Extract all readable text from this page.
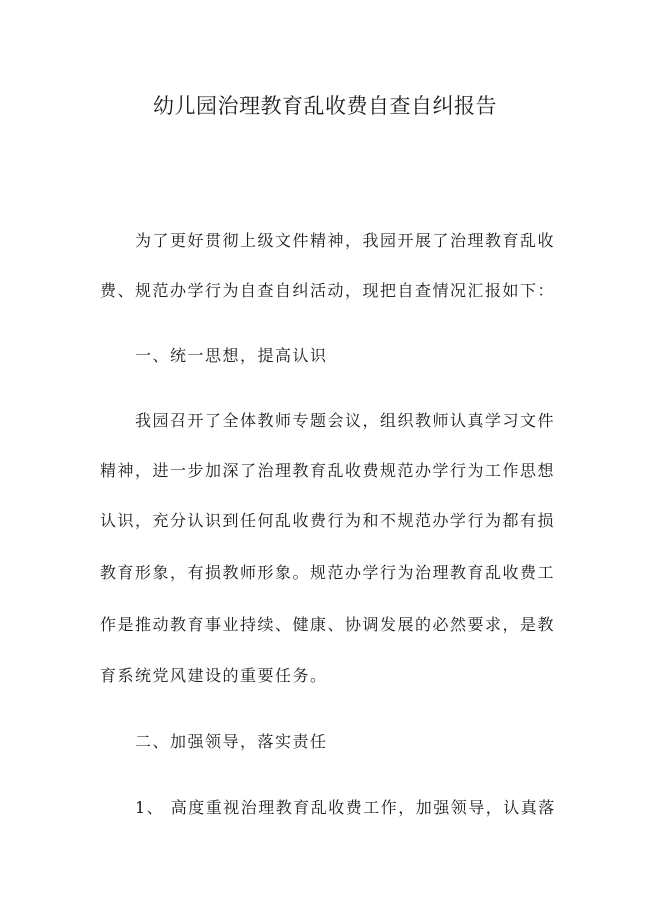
幼儿园治理教育乱收费自查自纠报告
为了更好贯彻上级文件精神，我园开展了治理教育乱收
费、规范办学行为自查自纠活动，现把自查情况汇报如下：
一、统一思想，提高认识
我园召开了全体教师专题会议，组织教师认真学习文件
精神，进一步加深了治理教育乱收费规范办学行为工作思想
认识，充分认识到任何乱收费行为和不规范办学行为都有损
教育形象，有损教师形象。规范办学行为治理教育乱收费工
作是推动教育事业持续、健康、协调发展的必然要求，是教
育系统党风建设的重要任务。
二、加强领导，落实责任
1、 高度重视治理教育乱收费工作，加强领导，认真落
